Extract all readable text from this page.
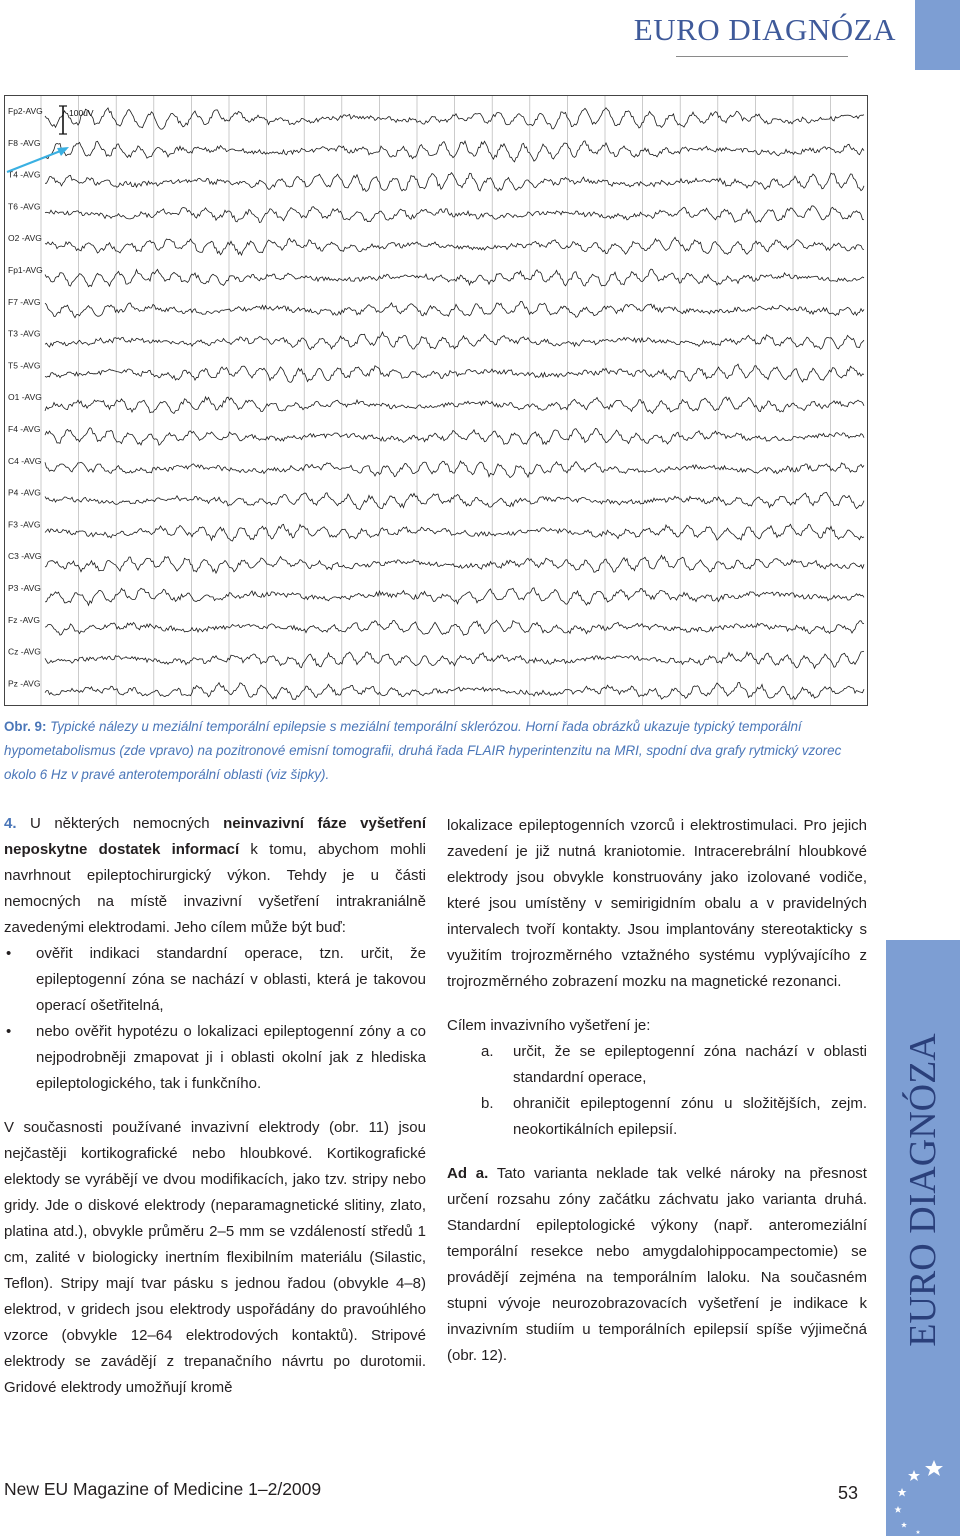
EURO DIAGNÓZA
Fp2-AVG
F8 -AVG
T4 -AVG
T6 -AVG
O2 -AVG
Fp1-AVG
F7 -AVG
T3 -AVG
T5 -AVG
O1 -AVG
F4 -AVG
C4 -AVG
P4 -AVG
F3 -AVG
C3 -AVG
P3 -AVG
Fz -AVG
Cz -AVG
Pz -AVG
100uV
Obr. 9: Typické nálezy u meziální temporální epilepsie s meziální temporální sklerózou. Horní řada obrázků ukazuje typický temporální hypometabolismus (zde vpravo) na pozitronové emisní tomografii, druhá řada FLAIR hyperintenzitu na MRI, spodní dva grafy rytmický vzorec okolo 6 Hz v pravé anterotemporální oblasti (viz šipky).

4. U některých nemocných neinvazivní fáze vyšetření neposkytne dostatek informací k tomu, abychom mohli navrhnout epileptochirurgický výkon. Tehdy je u části nemocných na místě invazivní vyšetření intrakraniálně zavedenými elektrodami. Jeho cílem může být buď:

• ověřit indikaci standardní operace, tzn. určit, že epileptogenní zóna se nachází v oblasti, která je takovou operací ošetřitelná,
• nebo ověřit hypotézu o lokalizaci epileptogenní zóny a co nejpodrobněji zmapovat ji i oblasti okolní jak z hlediska epileptologického, tak i funkčního.

V současnosti používané invazivní elektrody (obr. 11) jsou nejčastěji kortikografické nebo hloubkové. Kortikografické elektody se vyrábějí ve dvou modifikacích, jako tzv. stripy nebo gridy. Jde o diskové elektrody (neparamagnetické slitiny, zlato, platina atd.), obvykle průměru 2–5 mm se vzdáleností středů 1 cm, zalité v biologicky inertním flexibilním materiálu (Silastic, Teflon). Stripy mají tvar pásku s jednou řadou (obvykle 4–8) elektrod, v gridech jsou elektrody uspořádány do pravoúhlého vzorce (obvykle 12–64 elektrodových kontaktů). Stripové elektrody se zavádějí z trepanačního návrtu po durotomii. Gridové elektrody umožňují kromě

lokalizace epileptogenních vzorců i elektrostimulaci. Pro jejich zavedení je již nutná kraniotomie. Intracerebrální hloubkové elektrody jsou obvykle konstruovány jako izolované vodiče, které jsou umístěny v semirigidním obalu a v pravidelných intervalech tvoří kontakty. Jsou implantovány stereotakticky s využitím trojrozměrného vztažného systému vyplývajícího z trojrozměrného zobrazení mozku na magnetické rezonanci.

Cílem invazivního vyšetření je:

a. určit, že se epileptogenní zóna nachází v oblasti standardní operace,
b. ohraničit epileptogenní zónu u složitějších, zejm. neokortikálních epilepsií.

Ad a. Tato varianta neklade tak velké nároky na přesnost určení rozsahu zóny začátku záchvatu jako varianta druhá. Standardní epileptologické výkony (např. anteromeziální temporální resekce nebo amygdalohippocampectomie) se provádějí zejména na temporálním laloku. Na současném stupni vývoje neurozobrazovacích vyšetření je indikace k invazivním studiím u temporálních epilepsií spíše výjimečná (obr. 12).

EURO DIAGNÓZA
New EU Magazine of Medicine 1–2/2009	53
